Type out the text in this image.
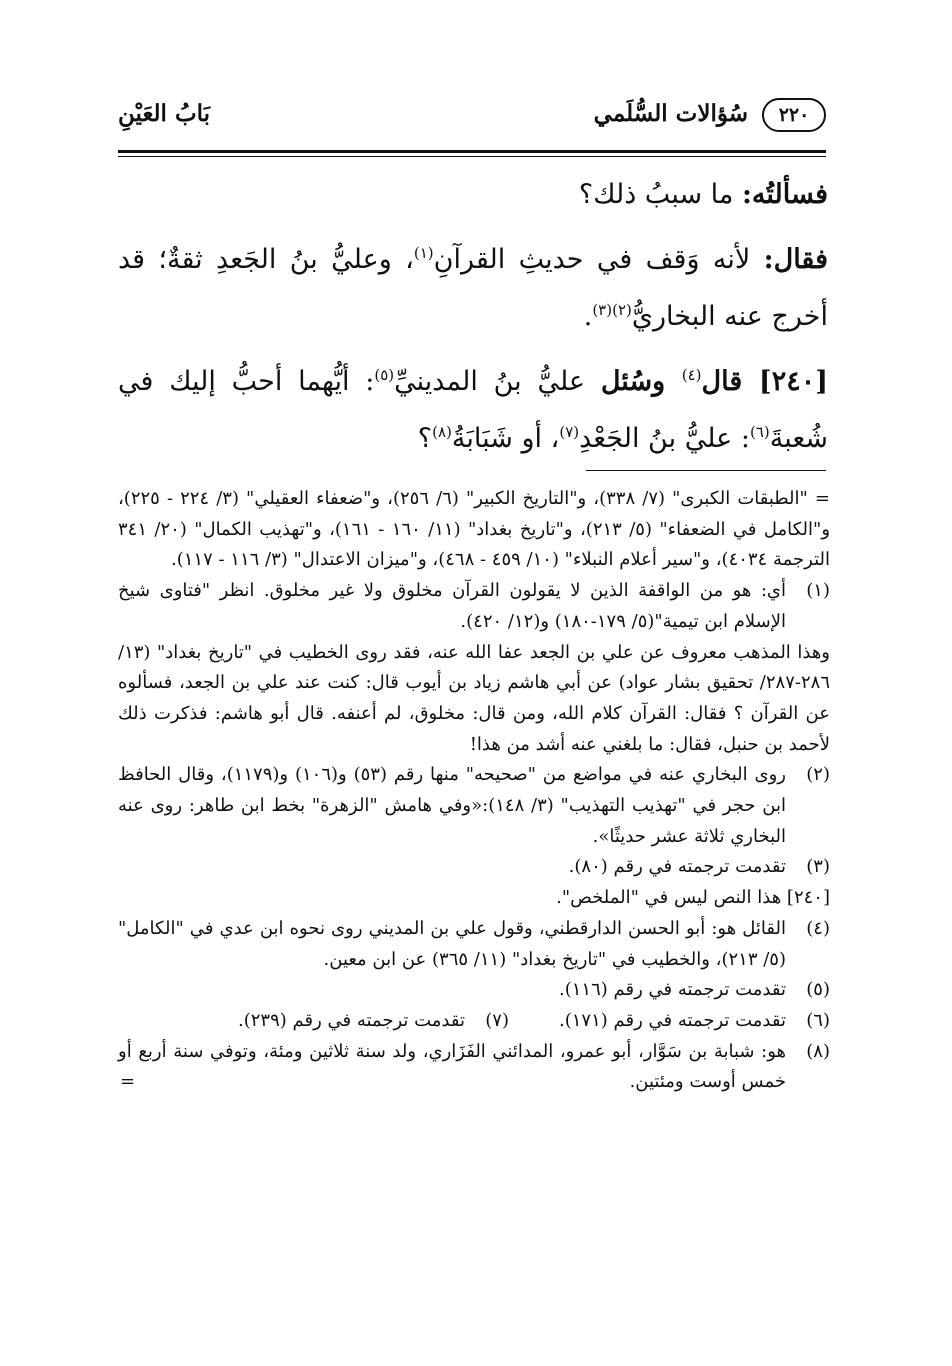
٢٢٠
سُؤالات السُّلَمي
بَابُ العَيْنِ

فسألتُه: ما سببُ ذلك؟

فقال: لأنه وَقف في حديثِ القرآنِ$^{(١)}$، وعليُّ بنُ الجَعدِ ثقةٌ؛ قد أخرج عنه البخاريُّ$^{(٢)(٣)}$.

[٢٤٠] قال$^{(٤)}$ وسُئل عليُّ بنُ المدينيِّ$^{(٥)}$: أيُّهما أحبُّ إليك في شُعبةَ$^{(٦)}$: عليُّ بنُ الجَعْدِ$^{(٧)}$، أو شَبَابَةُ$^{(٨)}$؟

= "الطبقات الكبرى" (٧/ ٣٣٨)، و"التاريخ الكبير" (٦/ ٢٥٦)، و"ضعفاء العقيلي" (٣/ ٢٢٤ - ٢٢٥)، و"الكامل في الضعفاء" (٥/ ٢١٣)، و"تاريخ بغداد" (١١/ ١٦٠ - ١٦١)، و"تهذيب الكمال" (٢٠/ ٣٤١ الترجمة ٤٠٣٤)، و"سير أعلام النبلاء" (١٠/ ٤٥٩ - ٤٦٨)، و"ميزان الاعتدال" (٣/ ١١٦ - ١١٧).

(١)
أي: هو من الواقفة الذين لا يقولون القرآن مخلوق ولا غير مخلوق. انظر "فتاوى شيخ الإسلام ابن تيمية"(٥/ ١٧٩-١٨٠) و(١٢/ ٤٢٠).

وهذا المذهب معروف عن علي بن الجعد عفا الله عنه، فقد روى الخطيب في "تاريخ بغداد" (١٣/ ٢٨٦-٢٨٧/ تحقيق بشار عواد) عن أبي هاشم زياد بن أيوب قال: كنت عند علي بن الجعد، فسألوه عن القرآن ؟ فقال: القرآن كلام الله، ومن قال: مخلوق، لم أعنفه. قال أبو هاشم: فذكرت ذلك لأحمد بن حنبل، فقال: ما بلغني عنه أشد من هذا!

(٢)
روى البخاري عنه في مواضع من "صحيحه" منها رقم (٥٣) و(١٠٦) و(١١٧٩)، وقال الحافظ ابن حجر في "تهذيب التهذيب" (٣/ ١٤٨):«وفي هامش "الزهرة" بخط ابن طاهر: روى عنه البخاري ثلاثة عشر حديثًا».
(٣)
تقدمت ترجمته في رقم (٨٠).

[٢٤٠] هذا النص ليس في "الملخص".

(٤)
القائل هو: أبو الحسن الدارقطني، وقول علي بن المديني روى نحوه ابن عدي في "الكامل" (٥/ ٢١٣)، والخطيب في "تاريخ بغداد" (١١/ ٣٦٥) عن ابن معين.
(٥)
تقدمت ترجمته في رقم (١١٦).
(٦)
تقدمت ترجمته في رقم (١٧١).
(٧)
تقدمت ترجمته في رقم (٢٣٩).
(٨)
هو: شبابة بن سَوَّار، أبو عمرو، المدائني الفَزَاري، ولد سنة ثلاثين ومئة، وتوفي سنة أربع أو خمس أوست ومئتين.
=
